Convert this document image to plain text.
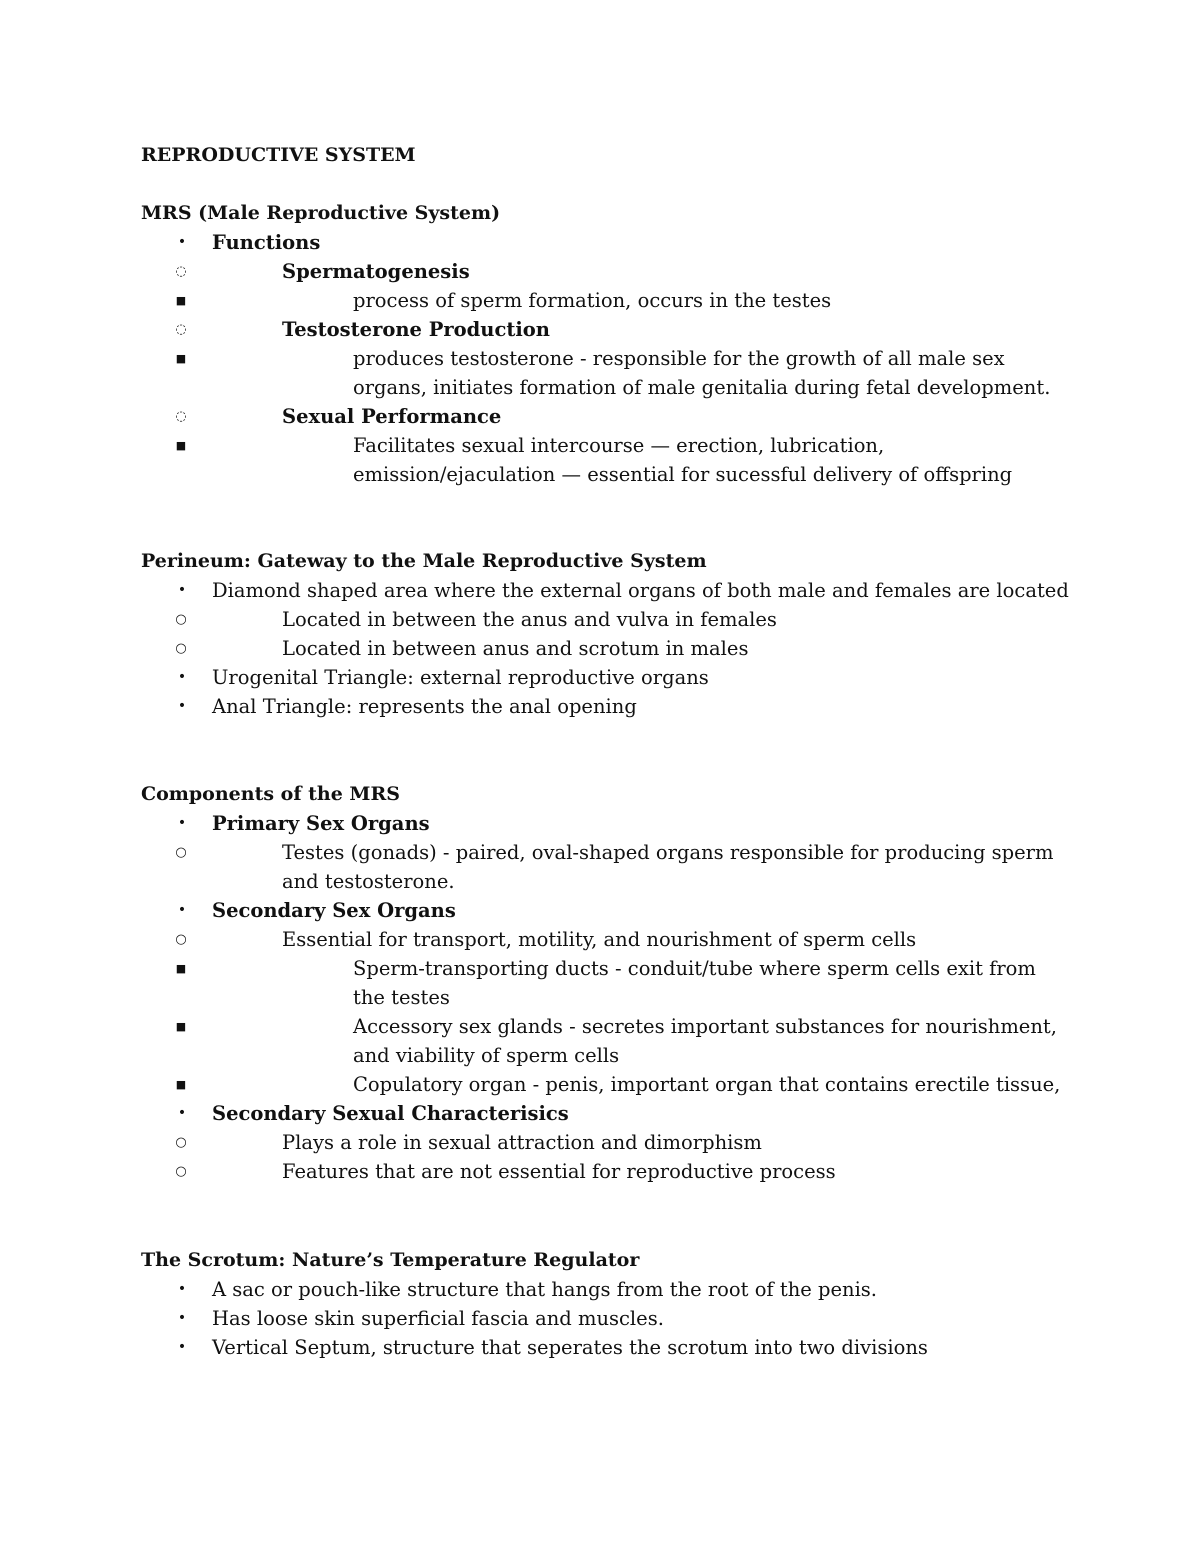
REPRODUCTIVE SYSTEM
MRS (Male Reproductive System)
•	Functions
◌	Spermatogenesis
■	process of sperm formation, occurs in the testes
◌	Testosterone Production
■	produces testosterone - responsible for the growth of all male sex organs, initiates formation of male genitalia during fetal development.
◌	Sexual Performance
■	Facilitates sexual intercourse — erection, lubrication, emission/ejaculation — essential for sucessful delivery of offspring
Perineum: Gateway to the Male Reproductive System
•	Diamond shaped area where the external organs of both male and females are located
○	Located in between the anus and vulva in females
○	Located in between anus and scrotum in males
•	Urogenital Triangle: external reproductive organs
•	Anal Triangle: represents the anal opening
Components of the MRS
•	Primary Sex Organs
○	Testes (gonads) - paired, oval-shaped organs responsible for producing sperm and testosterone.
•	Secondary Sex Organs
○	Essential for transport, motility, and nourishment of sperm cells
■	Sperm-transporting ducts - conduit/tube where sperm cells exit from the testes
■	Accessory sex glands - secretes important substances for nourishment, and viability of sperm cells
■	Copulatory organ - penis, important organ that contains erectile tissue,
•	Secondary Sexual Characterisics
○	Plays a role in sexual attraction and dimorphism
○	Features that are not essential for reproductive process
The Scrotum: Nature’s Temperature Regulator
•	A sac or pouch-like structure that hangs from the root of the penis.
•	Has loose skin superficial fascia and muscles.
•	Vertical Septum, structure that seperates the scrotum into two divisions
